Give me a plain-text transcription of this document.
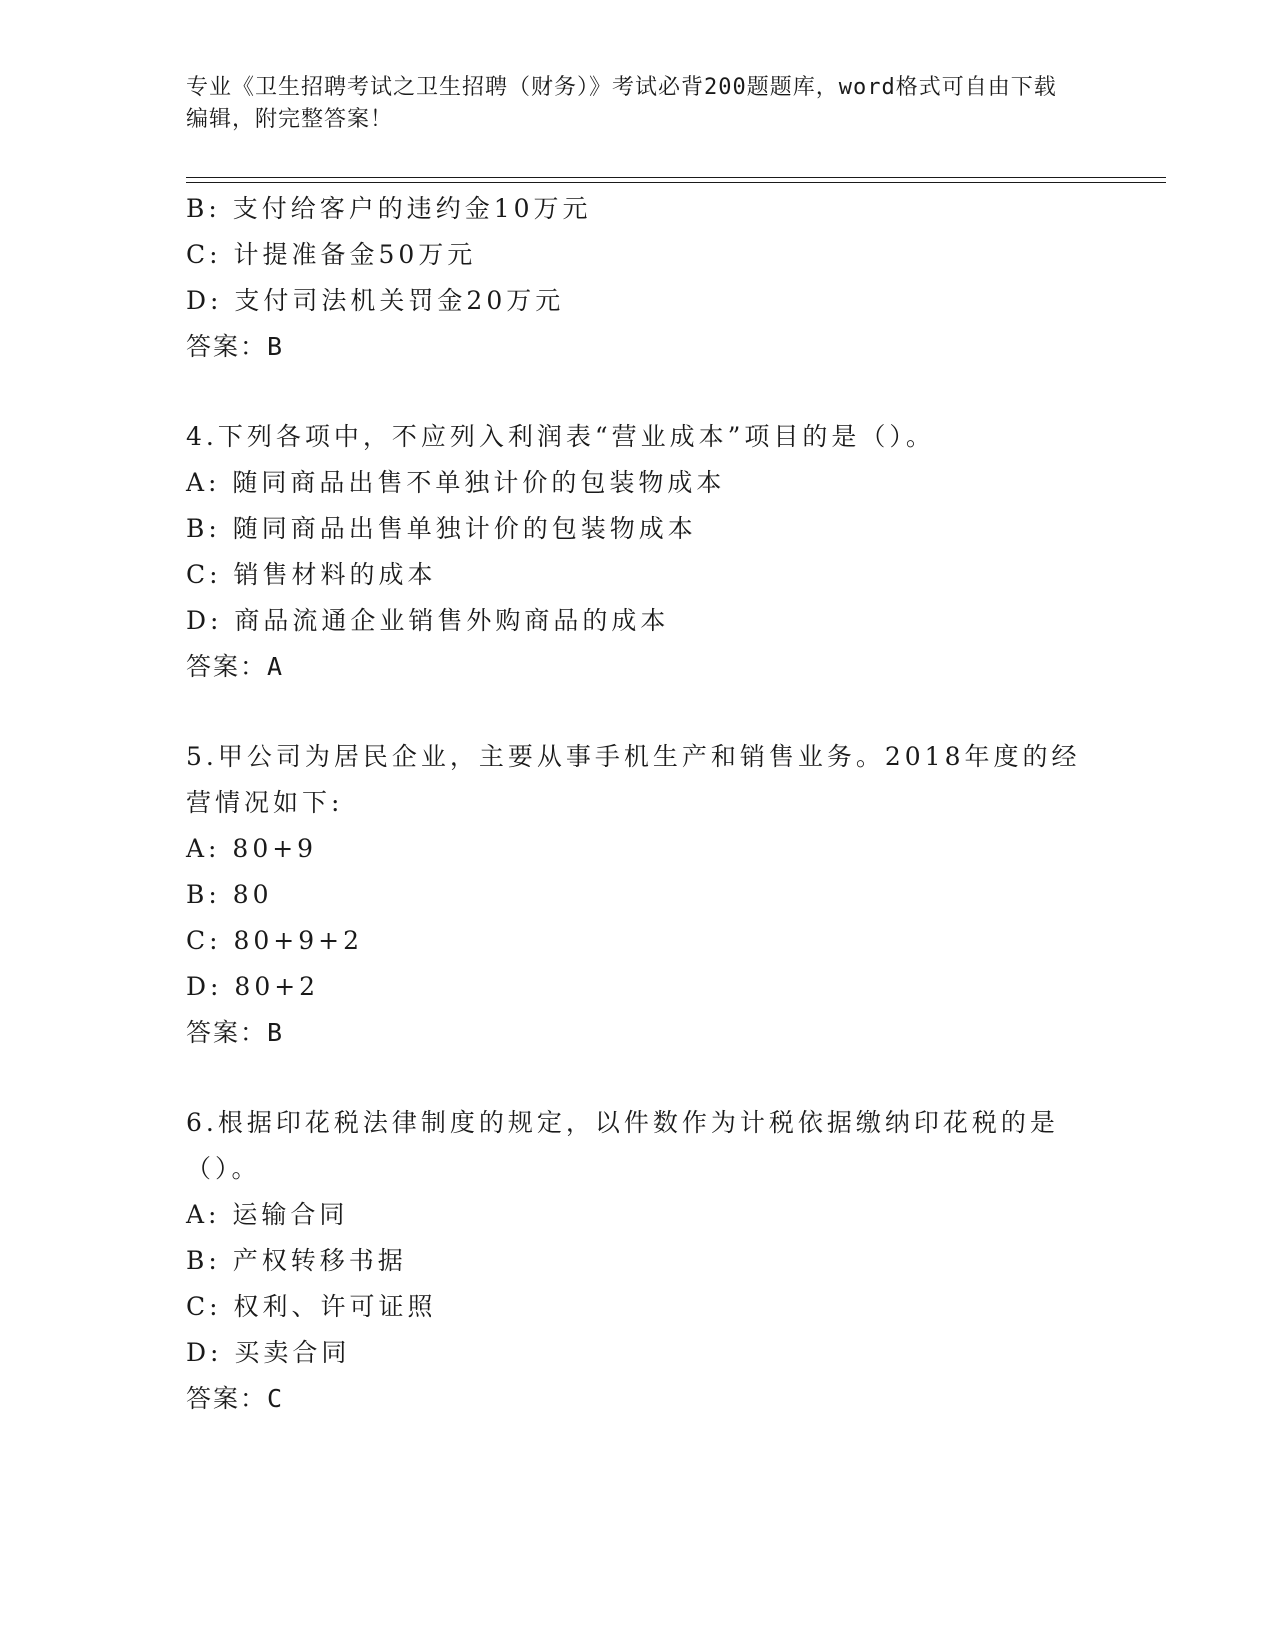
专业《卫生招聘考试之卫生招聘（财务）》考试必背200题题库，word格式可自由下载编辑，附完整答案！
B: 支付给客户的违约金10万元
C: 计提准备金50万元
D: 支付司法机关罚金20万元
答案：B
4.下列各项中，不应列入利润表“营业成本”项目的是（）。
A: 随同商品出售不单独计价的包装物成本
B: 随同商品出售单独计价的包装物成本
C: 销售材料的成本
D: 商品流通企业销售外购商品的成本
答案：A
5.甲公司为居民企业，主要从事手机生产和销售业务。2018年度的经营情况如下:
A: 80+9
B: 80
C: 80+9+2
D: 80+2
答案：B
6.根据印花税法律制度的规定，以件数作为计税依据缴纳印花税的是（）。
A: 运输合同
B: 产权转移书据
C: 权利、许可证照
D: 买卖合同
答案：C
